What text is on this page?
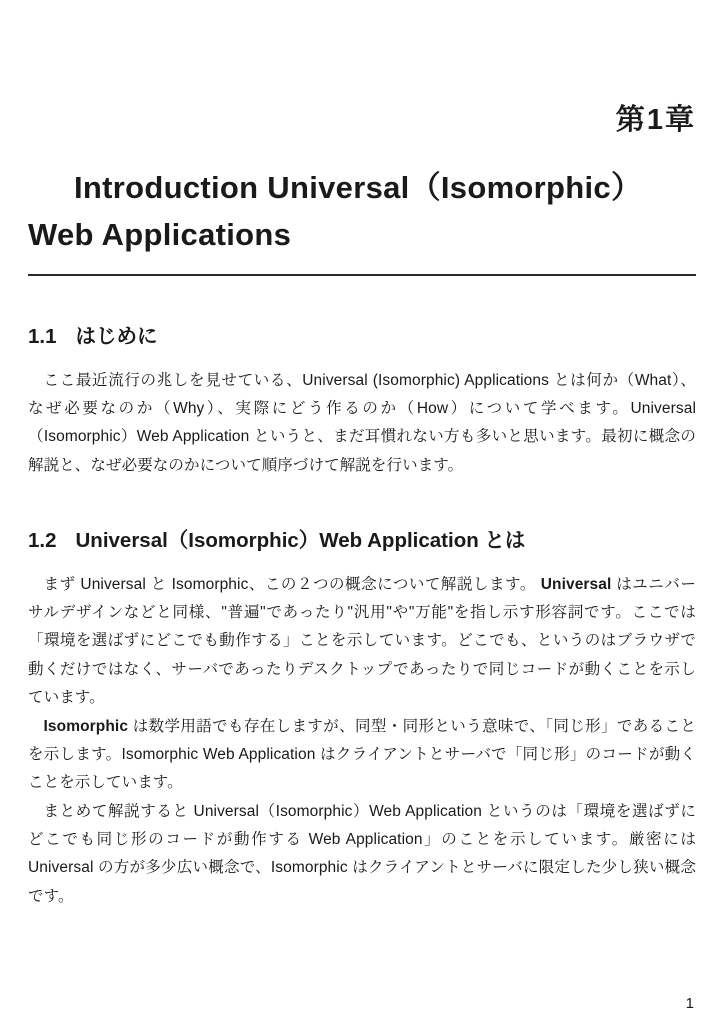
第1章
Introduction Universal（Isomorphic）Web Applications
1.1 はじめに

ここ最近流行の兆しを見せている、Universal (Isomorphic) Applications とは何か（What）、なぜ必要なのか（Why）、実際にどう作るのか（How）について学べます。Universal（Isomorphic）Web Application というと、まだ耳慣れない方も多いと思います。最初に概念の解説と、なぜ必要なのかについて順序づけて解説を行います。

1.2 Universal（Isomorphic）Web Application とは

まず Universal と Isomorphic、この２つの概念について解説します。 Universal はユニバーサルデザインなどと同様、"普遍"であったり"汎用"や"万能"を指し示す形容詞です。ここでは「環境を選ばずにどこでも動作する」ことを示しています。どこでも、というのはブラウザで動くだけではなく、サーバであったりデスクトップであったりで同じコードが動くことを示しています。

Isomorphic は数学用語でも存在しますが、同型・同形という意味で、「同じ形」であることを示します。Isomorphic Web Application はクライアントとサーバで「同じ形」のコードが動くことを示しています。

まとめて解説すると Universal（Isomorphic）Web Application というのは「環境を選ばずにどこでも同じ形のコードが動作する Web Application」のことを示しています。厳密には Universal の方が多少広い概念で、Isomorphic はクライアントとサーバに限定した少し狭い概念です。

1
